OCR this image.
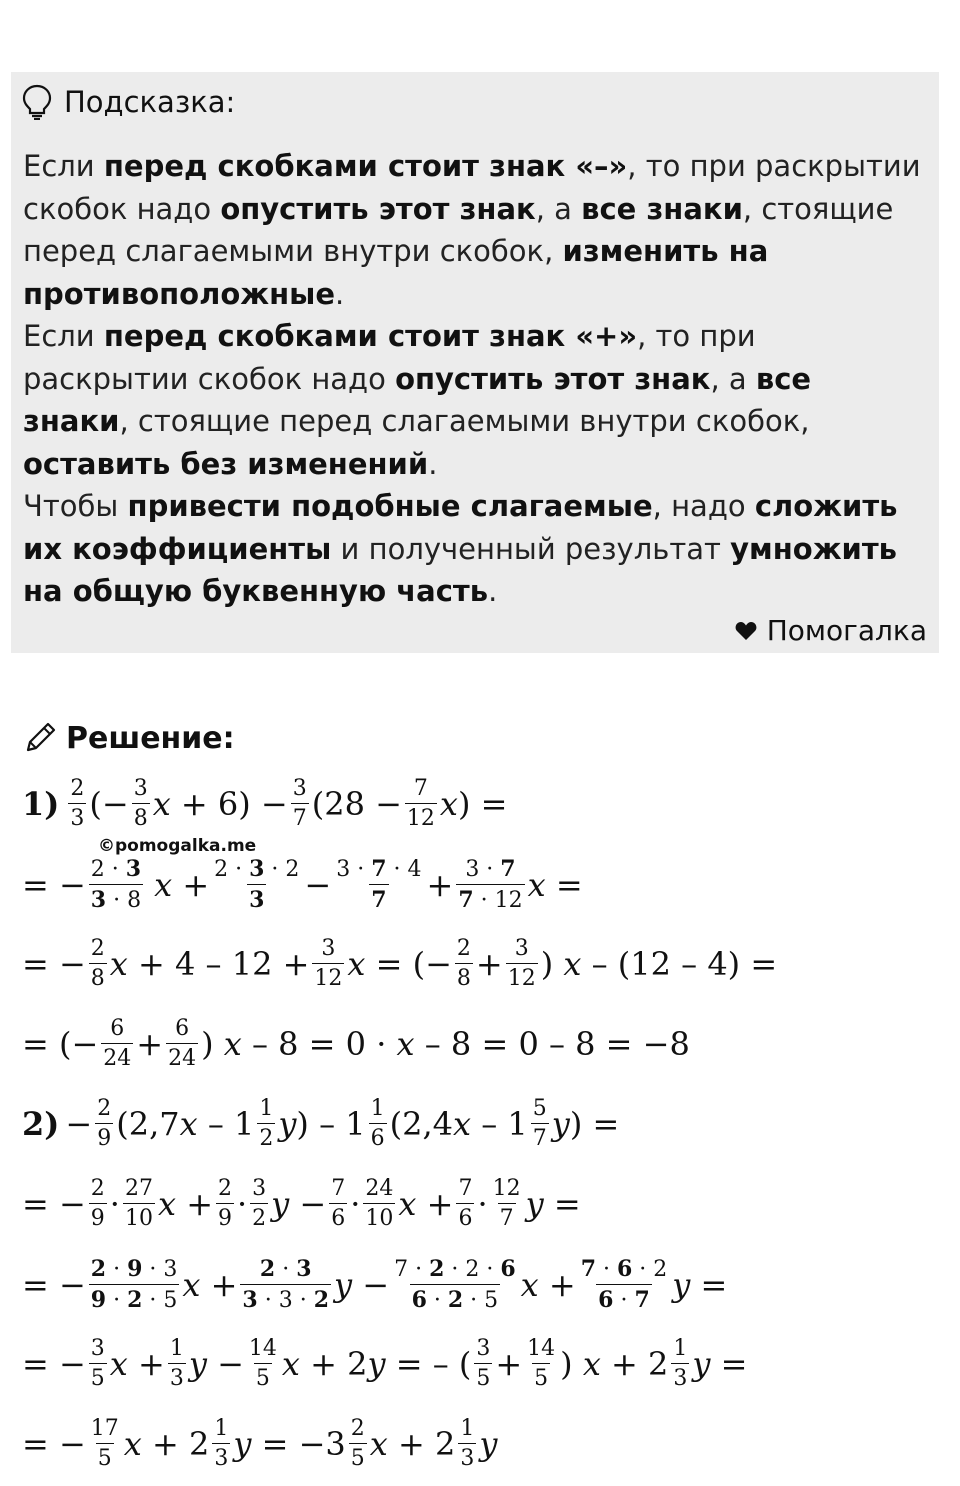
Подсказка:
Если перед скобками стоит знак «–», то при раскрытии скобок надо опустить этот знак, а все знаки, стоящие перед слагаемыми внутри скобок, изменить на противоположные.
Если перед скобками стоит знак «+», то при раскрытии скобок надо опустить этот знак, а все знаки, стоящие перед слагаемыми внутри скобок, оставить без изменений.
Чтобы привести подобные слагаемые, надо сложить их коэффициенты и полученный результат умножить на общую буквенную часть.
Помогалка
Решение:
©pomogalka.me
$1) \frac{2}{3}$ (− $\frac{3}{8}$ $x + 6) - \frac{3}{7} (28 - \frac{7}{12}$ x ) =
= − $\frac{2 \cdot 3}{3 \cdot 8}$ $x + \frac{2 \cdot 3 \cdot 2}{3} - \frac{3 \cdot 7 \cdot 4}{7} + \frac{3 \cdot 7}{7 \cdot 12}$ x =
= − $\frac{2}{8}$ $x + 4 - 12 + \frac{3}{12}$ x = (− $\frac{2}{8} + \frac{3}{12}$ ) x – (12 – 4) =
= (− $\frac{6}{24} + \frac{6}{24}$ ) x – 8 = 0 · x – 8 = 0 – 8 = −8
$2) - \frac{2}{9} (2,7$ x – $1 \frac{1}{2}$ y ) – $1 \frac{1}{6} (2,4$ x – $1 \frac{5}{7}$ y ) =
= − $\frac{2}{9} \cdot \frac{27}{10}$ $x + \frac{2}{9} \cdot \frac{3}{2}$ $y - \frac{7}{6} \cdot \frac{24}{10}$ $x + \frac{7}{6} \cdot \frac{12}{7}$ y =
= − $\frac{2 \cdot 9 \cdot 3}{9 \cdot 2 \cdot 5}$ $x + \frac{2 \cdot 3}{3 \cdot 3 \cdot 2}$ $y - \frac{7 \cdot 2 \cdot 2 \cdot 6}{6 \cdot 2 \cdot 5}$ $x + \frac{7 \cdot 6 \cdot 2}{6 \cdot 7}$ y =
= − $\frac{3}{5}$ $x + \frac{1}{3}$ $y - \frac{14}{5}$ x + 2 y = – ( $\frac{3}{5} + \frac{14}{5}$ ) $x + 2 \frac{1}{3}$ y =
= − $\frac{17}{5}$ $x + 2 \frac{1}{3}$ $y = -3 \frac{2}{5}$ $x + 2 \frac{1}{3}$ y
